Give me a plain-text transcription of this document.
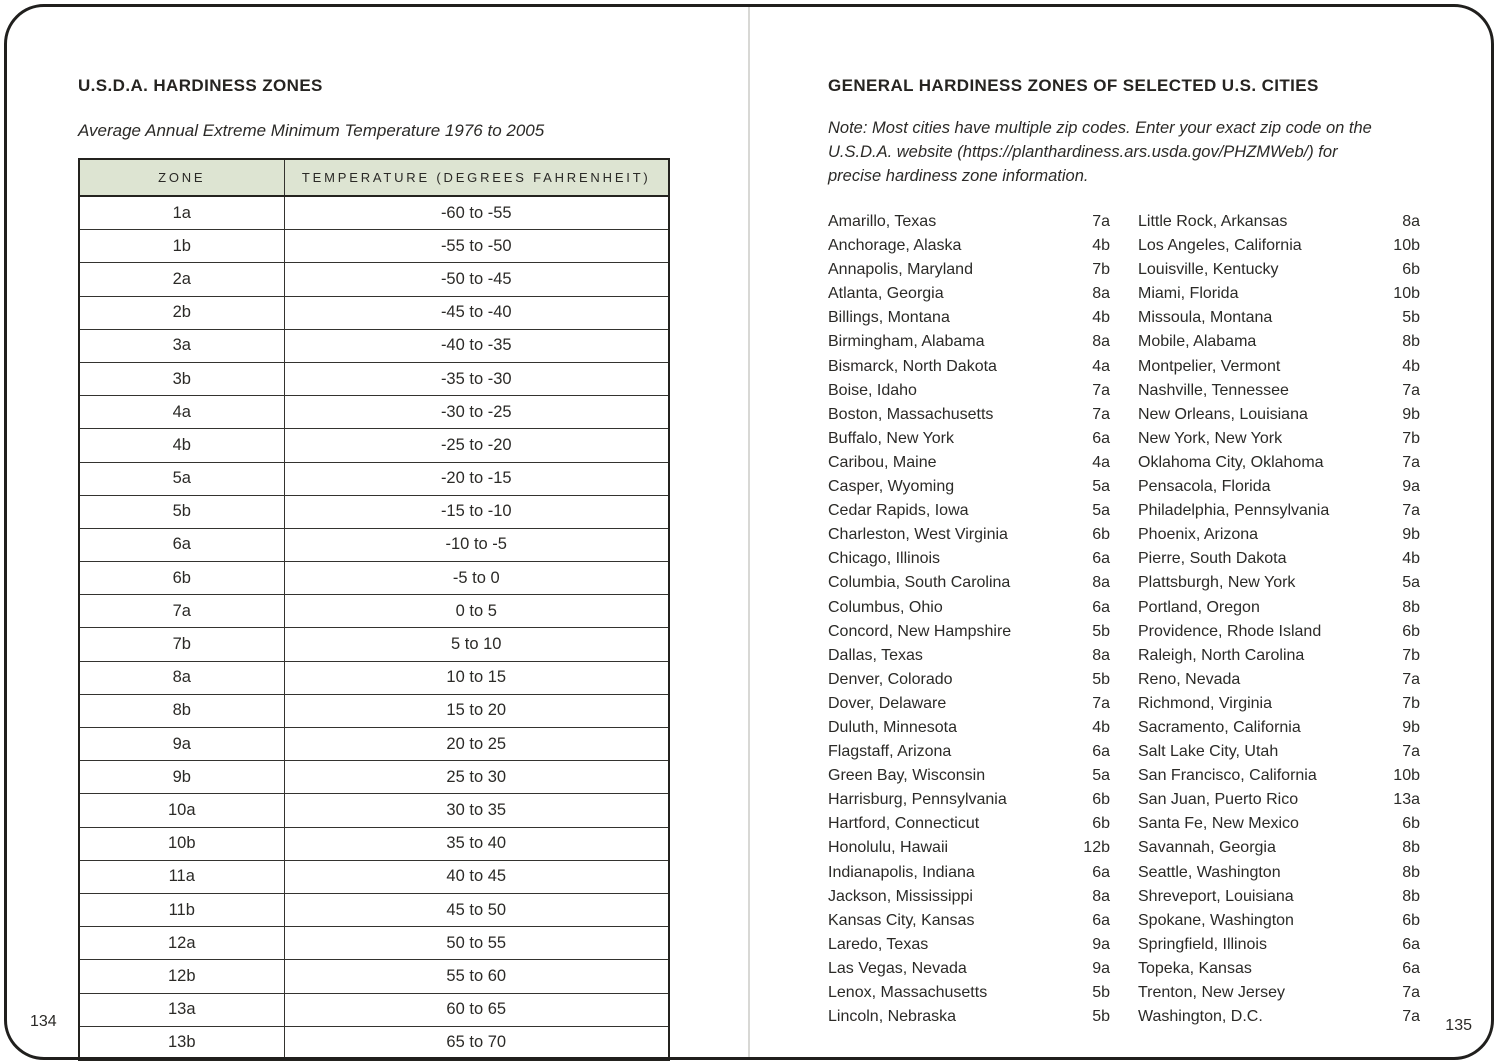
U.S.D.A. HARDINESS ZONES
Average Annual Extreme Minimum Temperature 1976 to 2005
ZONE	TEMPERATURE (DEGREES FAHRENHEIT)
1a	-60 to -55
1b	-55 to -50
2a	-50 to -45
2b	-45 to -40
3a	-40 to -35
3b	-35 to -30
4a	-30 to -25
4b	-25 to -20
5a	-20 to -15
5b	-15 to -10
6a	-10 to -5
6b	-5 to 0
7a	0 to 5
7b	5 to 10
8a	10 to 15
8b	15 to 20
9a	20 to 25
9b	25 to 30
10a	30 to 35
10b	35 to 40
11a	40 to 45
11b	45 to 50
12a	50 to 55
12b	55 to 60
13a	60 to 65
13b	65 to 70
GENERAL HARDINESS ZONES OF SELECTED U.S. CITIES
Note: Most cities have multiple zip codes. Enter your exact zip code on the
U.S.D.A. website (https://planthardiness.ars.usda.gov/PHZMWeb/) for
precise hardiness zone information.
Amarillo, Texas	7a
Anchorage, Alaska	4b
Annapolis, Maryland	7b
Atlanta, Georgia	8a
Billings, Montana	4b
Birmingham, Alabama	8a
Bismarck, North Dakota	4a
Boise, Idaho	7a
Boston, Massachusetts	7a
Buffalo, New York	6a
Caribou, Maine	4a
Casper, Wyoming	5a
Cedar Rapids, Iowa	5a
Charleston, West Virginia	6b
Chicago, Illinois	6a
Columbia, South Carolina	8a
Columbus, Ohio	6a
Concord, New Hampshire	5b
Dallas, Texas	8a
Denver, Colorado	5b
Dover, Delaware	7a
Duluth, Minnesota	4b
Flagstaff, Arizona	6a
Green Bay, Wisconsin	5a
Harrisburg, Pennsylvania	6b
Hartford, Connecticut	6b
Honolulu, Hawaii	12b
Indianapolis, Indiana	6a
Jackson, Mississippi	8a
Kansas City, Kansas	6a
Laredo, Texas	9a
Las Vegas, Nevada	9a
Lenox, Massachusetts	5b
Lincoln, Nebraska	5b
Little Rock, Arkansas	8a
Los Angeles, California	10b
Louisville, Kentucky	6b
Miami, Florida	10b
Missoula, Montana	5b
Mobile, Alabama	8b
Montpelier, Vermont	4b
Nashville, Tennessee	7a
New Orleans, Louisiana	9b
New York, New York	7b
Oklahoma City, Oklahoma	7a
Pensacola, Florida	9a
Philadelphia, Pennsylvania	7a
Phoenix, Arizona	9b
Pierre, South Dakota	4b
Plattsburgh, New York	5a
Portland, Oregon	8b
Providence, Rhode Island	6b
Raleigh, North Carolina	7b
Reno, Nevada	7a
Richmond, Virginia	7b
Sacramento, California	9b
Salt Lake City, Utah	7a
San Francisco, California	10b
San Juan, Puerto Rico	13a
Santa Fe, New Mexico	6b
Savannah, Georgia	8b
Seattle, Washington	8b
Shreveport, Louisiana	8b
Spokane, Washington	6b
Springfield, Illinois	6a
Topeka, Kansas	6a
Trenton, New Jersey	7a
Washington, D.C.	7a
134	135
